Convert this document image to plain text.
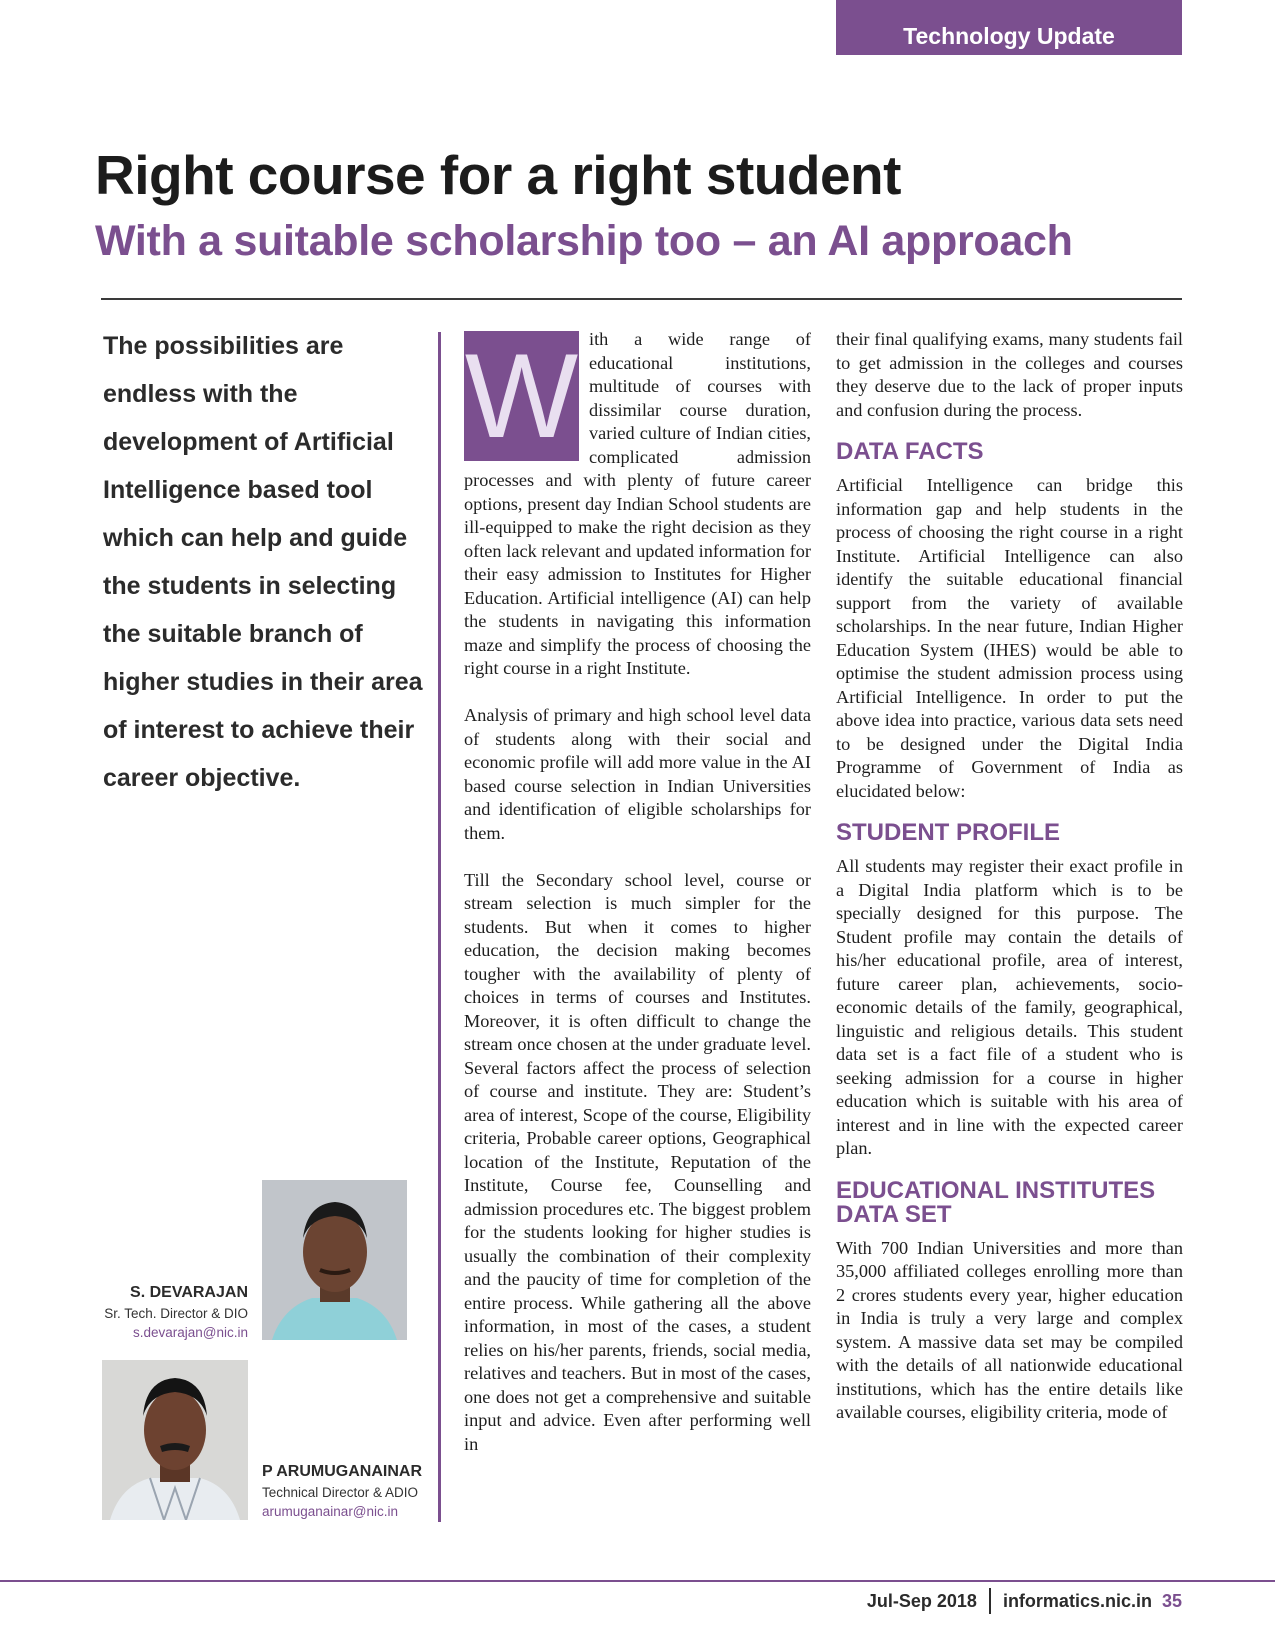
Technology Update
Right course for a right student
With a suitable scholarship too – an AI approach

The possibilities are endless with the development of Artificial Intelligence based tool which can help and guide the students in selecting the suitable branch of higher studies in their area of interest to achieve their career objective.

S. DEVARAJAN
Sr. Tech. Director & DIO
s.devarajan@nic.in
P ARUMUGANAINAR
Technical Director & ADIO
arumuganainar@nic.in

W ith a wide range of educational institutions, multitude of courses with dissimilar course duration, varied culture of Indian cities, complicated admission processes and with plenty of future career options, present day Indian School students are ill-equipped to make the right decision as they often lack relevant and updated information for their easy admission to Institutes for Higher Education. Artificial intelligence (AI) can help the students in navigating this information maze and simplify the process of choosing the right course in a right Institute.

Analysis of primary and high school level data of students along with their social and economic profile will add more value in the AI based course selection in Indian Universities and identification of eligible scholarships for them.

Till the Secondary school level, course or stream selection is much simpler for the students. But when it comes to higher education, the decision making becomes tougher with the availability of plenty of choices in terms of courses and Institutes. Moreover, it is often difficult to change the stream once chosen at the under graduate level. Several factors affect the process of selection of course and institute. They are: Student’s area of interest, Scope of the course, Eligibility criteria, Probable career options, Geographical location of the Institute, Reputation of the Institute, Course fee, Counselling and admission procedures etc. The biggest problem for the students looking for higher studies is usually the combination of their complexity and the paucity of time for completion of the entire process. While gathering all the above information, in most of the cases, a student relies on his/her parents, friends, social media, relatives and teachers. But in most of the cases, one does not get a comprehensive and suitable input and advice. Even after performing well in

their final qualifying exams, many students fail to get admission in the colleges and courses they deserve due to the lack of proper inputs and confusion during the process.

DATA FACTS

Artificial Intelligence can bridge this information gap and help students in the process of choosing the right course in a right Institute. Artificial Intelligence can also identify the suitable educational financial support from the variety of available scholarships. In the near future, Indian Higher Education System (IHES) would be able to optimise the student admission process using Artificial Intelligence. In order to put the above idea into practice, various data sets need to be designed under the Digital India Programme of Government of India as elucidated below:

STUDENT PROFILE

All students may register their exact profile in a Digital India platform which is to be specially designed for this purpose. The Student profile may contain the details of his/her educational profile, area of interest, future career plan, achievements, socio-economic details of the family, geographical, linguistic and religious details. This student data set is a fact file of a student who is seeking admission for a course in higher education which is suitable with his area of interest and in line with the expected career plan.

EDUCATIONAL INSTITUTES DATA SET

With 700 Indian Universities and more than 35,000 affiliated colleges enrolling more than 2 crores students every year, higher education in India is truly a very large and complex system. A massive data set may be compiled with the details of all nationwide educational institutions, which has the entire details like available courses, eligibility criteria, mode of

Jul-Sep 2018 informatics.nic.in 35
